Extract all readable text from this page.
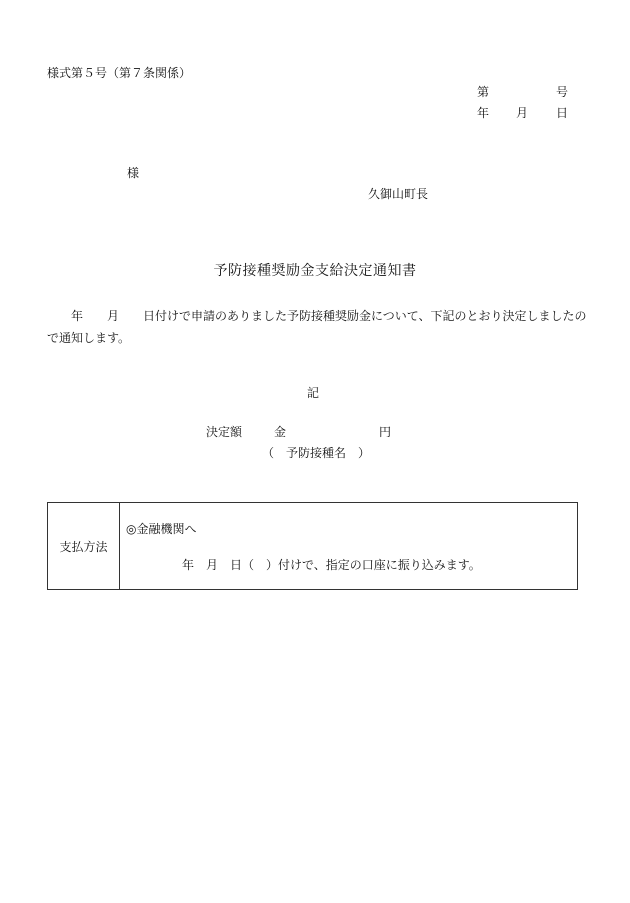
様式第５号（第７条関係）
第	号
年 月 日
様
久御山町長
予防接種奨励金支給決定通知書
　　年　　月　　日付けで申請のありました予防接種奨励金について、下記のとおり決定しましたので通知します。
記
決定額	金	円
（　予防接種名　）
支払方法	
◎金融機関へ
年　月　日（　）付けで、指定の口座に振り込みます。
